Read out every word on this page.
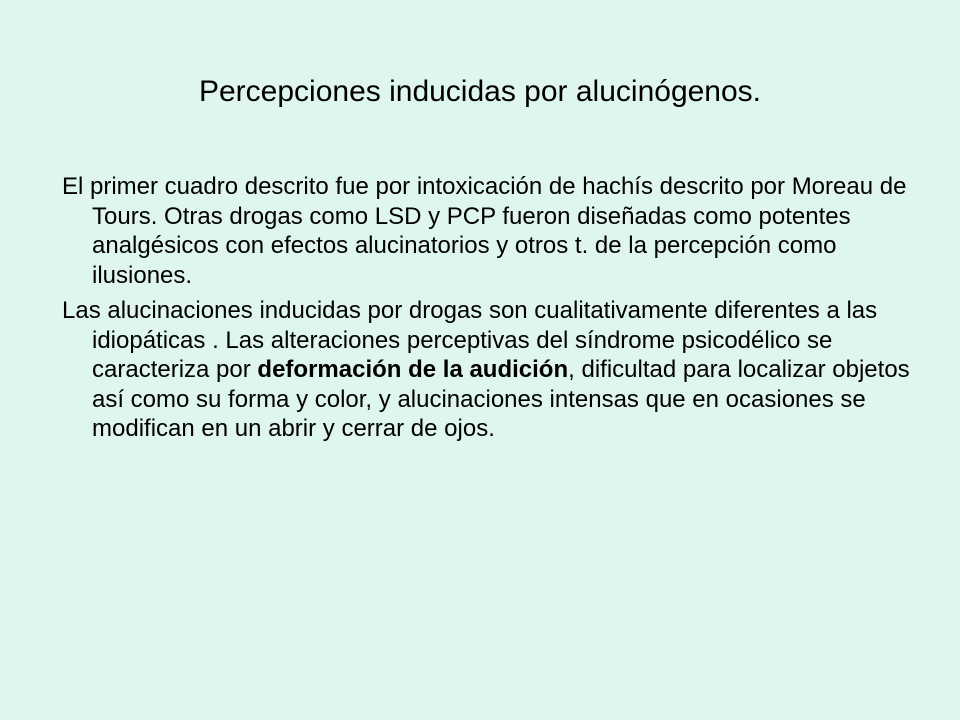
Percepciones inducidas por alucinógenos.

El primer cuadro descrito fue por intoxicación de hachís descrito por Moreau de Tours. Otras drogas como LSD y PCP fueron diseñadas como potentes analgésicos con efectos alucinatorios y otros t. de la percepción como ilusiones.

Las alucinaciones inducidas por drogas son cualitativamente diferentes a las idiopáticas . Las alteraciones perceptivas del síndrome psicodélico se caracteriza por deformación de la audición, dificultad para localizar objetos así como su forma y color, y alucinaciones intensas que en ocasiones se modifican en un abrir y cerrar de ojos.
